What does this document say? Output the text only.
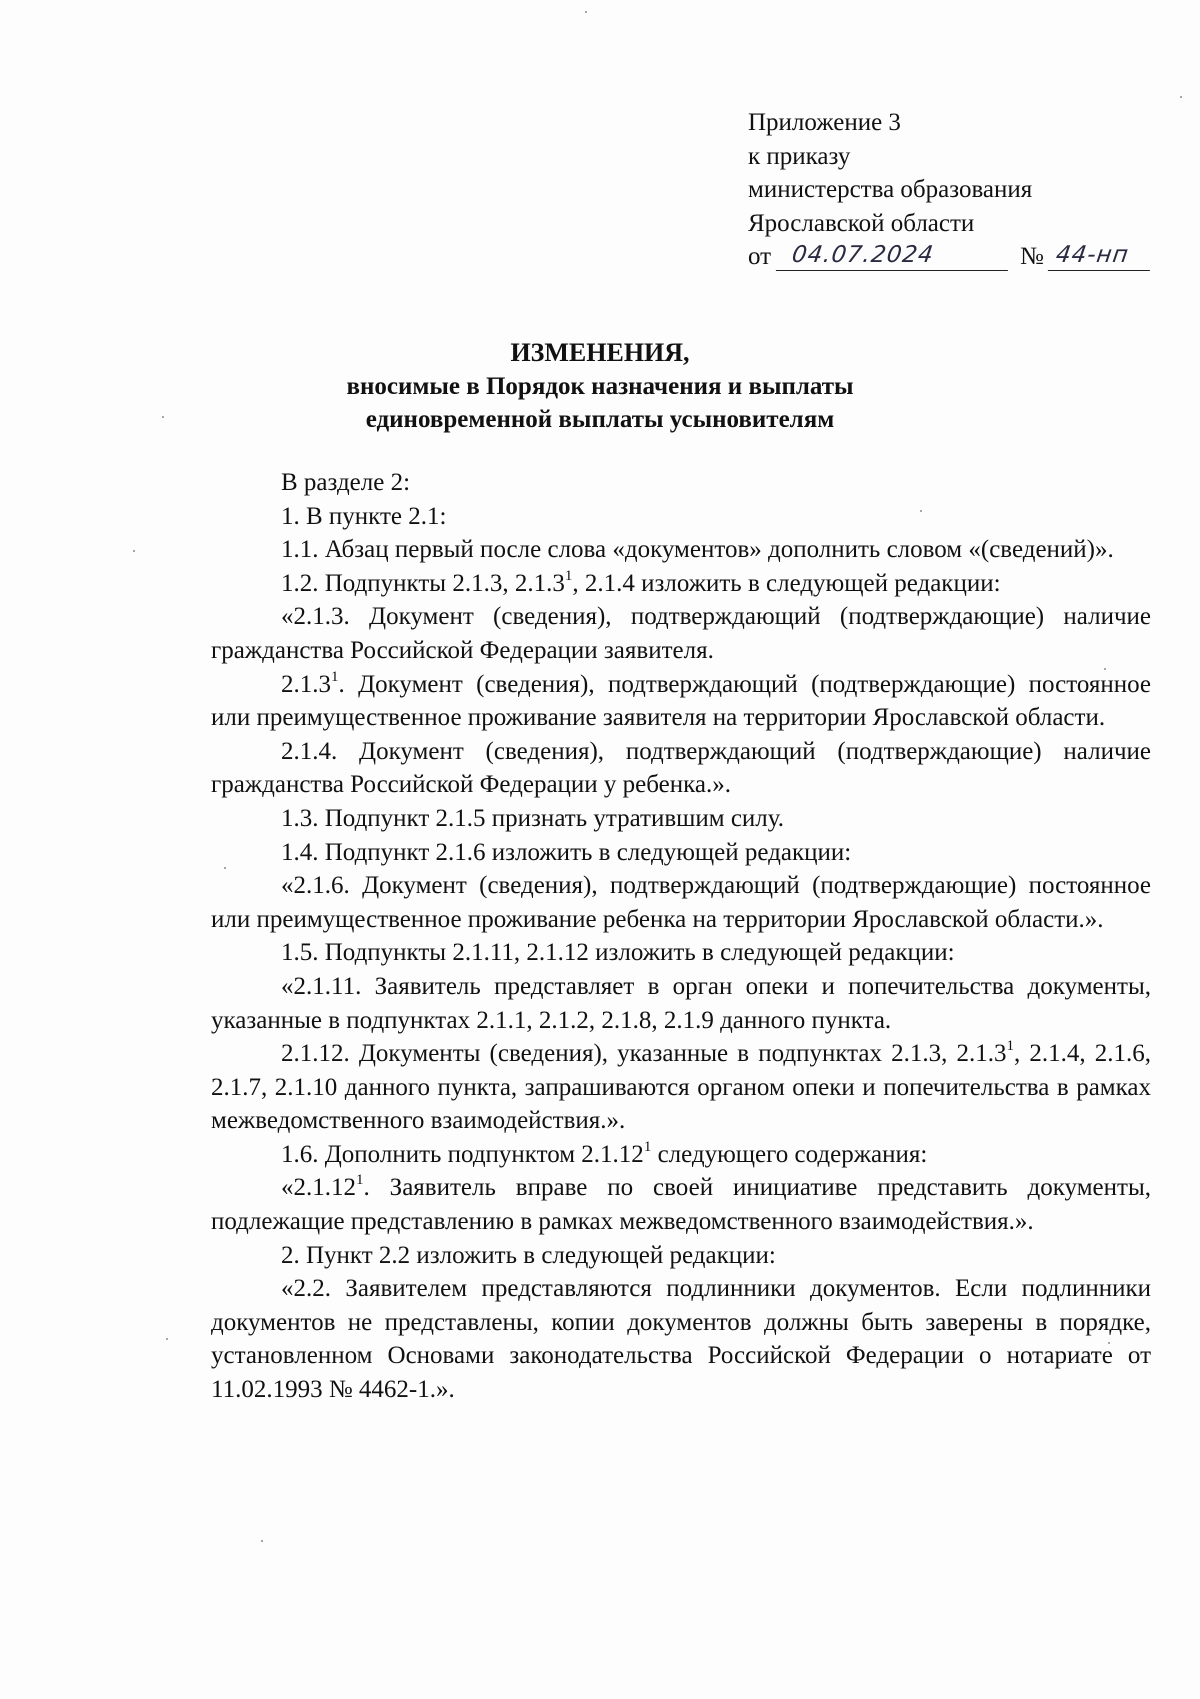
Приложение 3
к приказу
министерства образования
Ярославской области
от 04.07.2024	№ 44-нп
ИЗМЕНЕНИЯ,
вносимые в Порядок назначения и выплаты
единовременной выплаты усыновителям
В разделе 2:
1. В пункте 2.1:
1.1. Абзац первый после слова «документов» дополнить словом «(сведений)».
1.2. Подпункты 2.1.3, 2.1.3$^1$, 2.1.4 изложить в следующей редакции:
«2.1.3. Документ (сведения), подтверждающий (подтверждающие) наличие гражданства Российской Федерации заявителя.
2.1.3$^1$. Документ (сведения), подтверждающий (подтверждающие) постоянное или преимущественное проживание заявителя на территории Ярославской области.
2.1.4. Документ (сведения), подтверждающий (подтверждающие) наличие гражданства Российской Федерации у ребенка.».
1.3. Подпункт 2.1.5 признать утратившим силу.
1.4. Подпункт 2.1.6 изложить в следующей редакции:
«2.1.6. Документ (сведения), подтверждающий (подтверждающие) постоянное или преимущественное проживание ребенка на территории Ярославской области.».
1.5. Подпункты 2.1.11, 2.1.12 изложить в следующей редакции:
«2.1.11. Заявитель представляет в орган опеки и попечительства документы, указанные в подпунктах 2.1.1, 2.1.2, 2.1.8, 2.1.9 данного пункта.
2.1.12. Документы (сведения), указанные в подпунктах 2.1.3, 2.1.3$^1$, 2.1.4, 2.1.6, 2.1.7, 2.1.10 данного пункта, запрашиваются органом опеки и попечительства в рамках межведомственного взаимодействия.».
1.6. Дополнить подпунктом 2.1.12$^1$ следующего содержания:
«2.1.12$^1$. Заявитель вправе по своей инициативе представить документы, подлежащие представлению в рамках межведомственного взаимодействия.».
2. Пункт 2.2 изложить в следующей редакции:
«2.2. Заявителем представляются подлинники документов. Если подлинники документов не представлены, копии документов должны быть заверены в порядке, установленном Основами законодательства Российской Федерации о нотариате от 11.02.1993 № 4462-1.».
